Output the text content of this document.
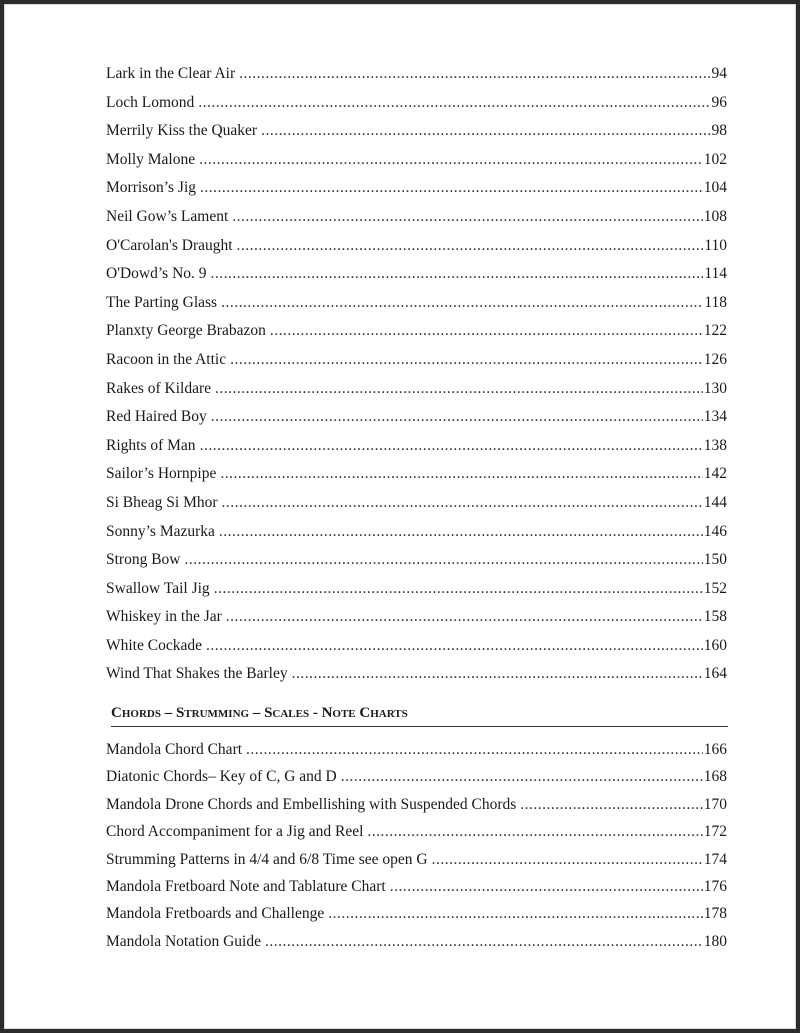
Lark in the Clear Air .....	94
Loch Lomond .....	96
Merrily Kiss the Quaker .....	98
Molly Malone .....	102
Morrison’s Jig .....	104
Neil Gow’s Lament .....	108
O'Carolan's Draught .....	110
O'Dowd’s No. 9 .....	114
The Parting Glass .....	118
Planxty George Brabazon .....	122
Racoon in the Attic .....	126
Rakes of Kildare .....	130
Red Haired Boy .....	134
Rights of Man .....	138
Sailor’s Hornpipe .....	142
Si Bheag Si Mhor .....	144
Sonny’s Mazurka .....	146
Strong Bow .....	150
Swallow Tail Jig .....	152
Whiskey in the Jar .....	158
White Cockade .....	160
Wind That Shakes the Barley .....	164
Chords – Strumming – Scales - Note Charts
Mandola Chord Chart .....	166
Diatonic Chords– Key of C, G and D .....	168
Mandola Drone Chords and Embellishing with Suspended Chords .....	170
Chord Accompaniment for a Jig and Reel .....	172
Strumming Patterns in 4/4 and 6/8 Time see open G .....	174
Mandola Fretboard Note and Tablature Chart .....	176
Mandola Fretboards and Challenge .....	178
Mandola Notation Guide .....	180
